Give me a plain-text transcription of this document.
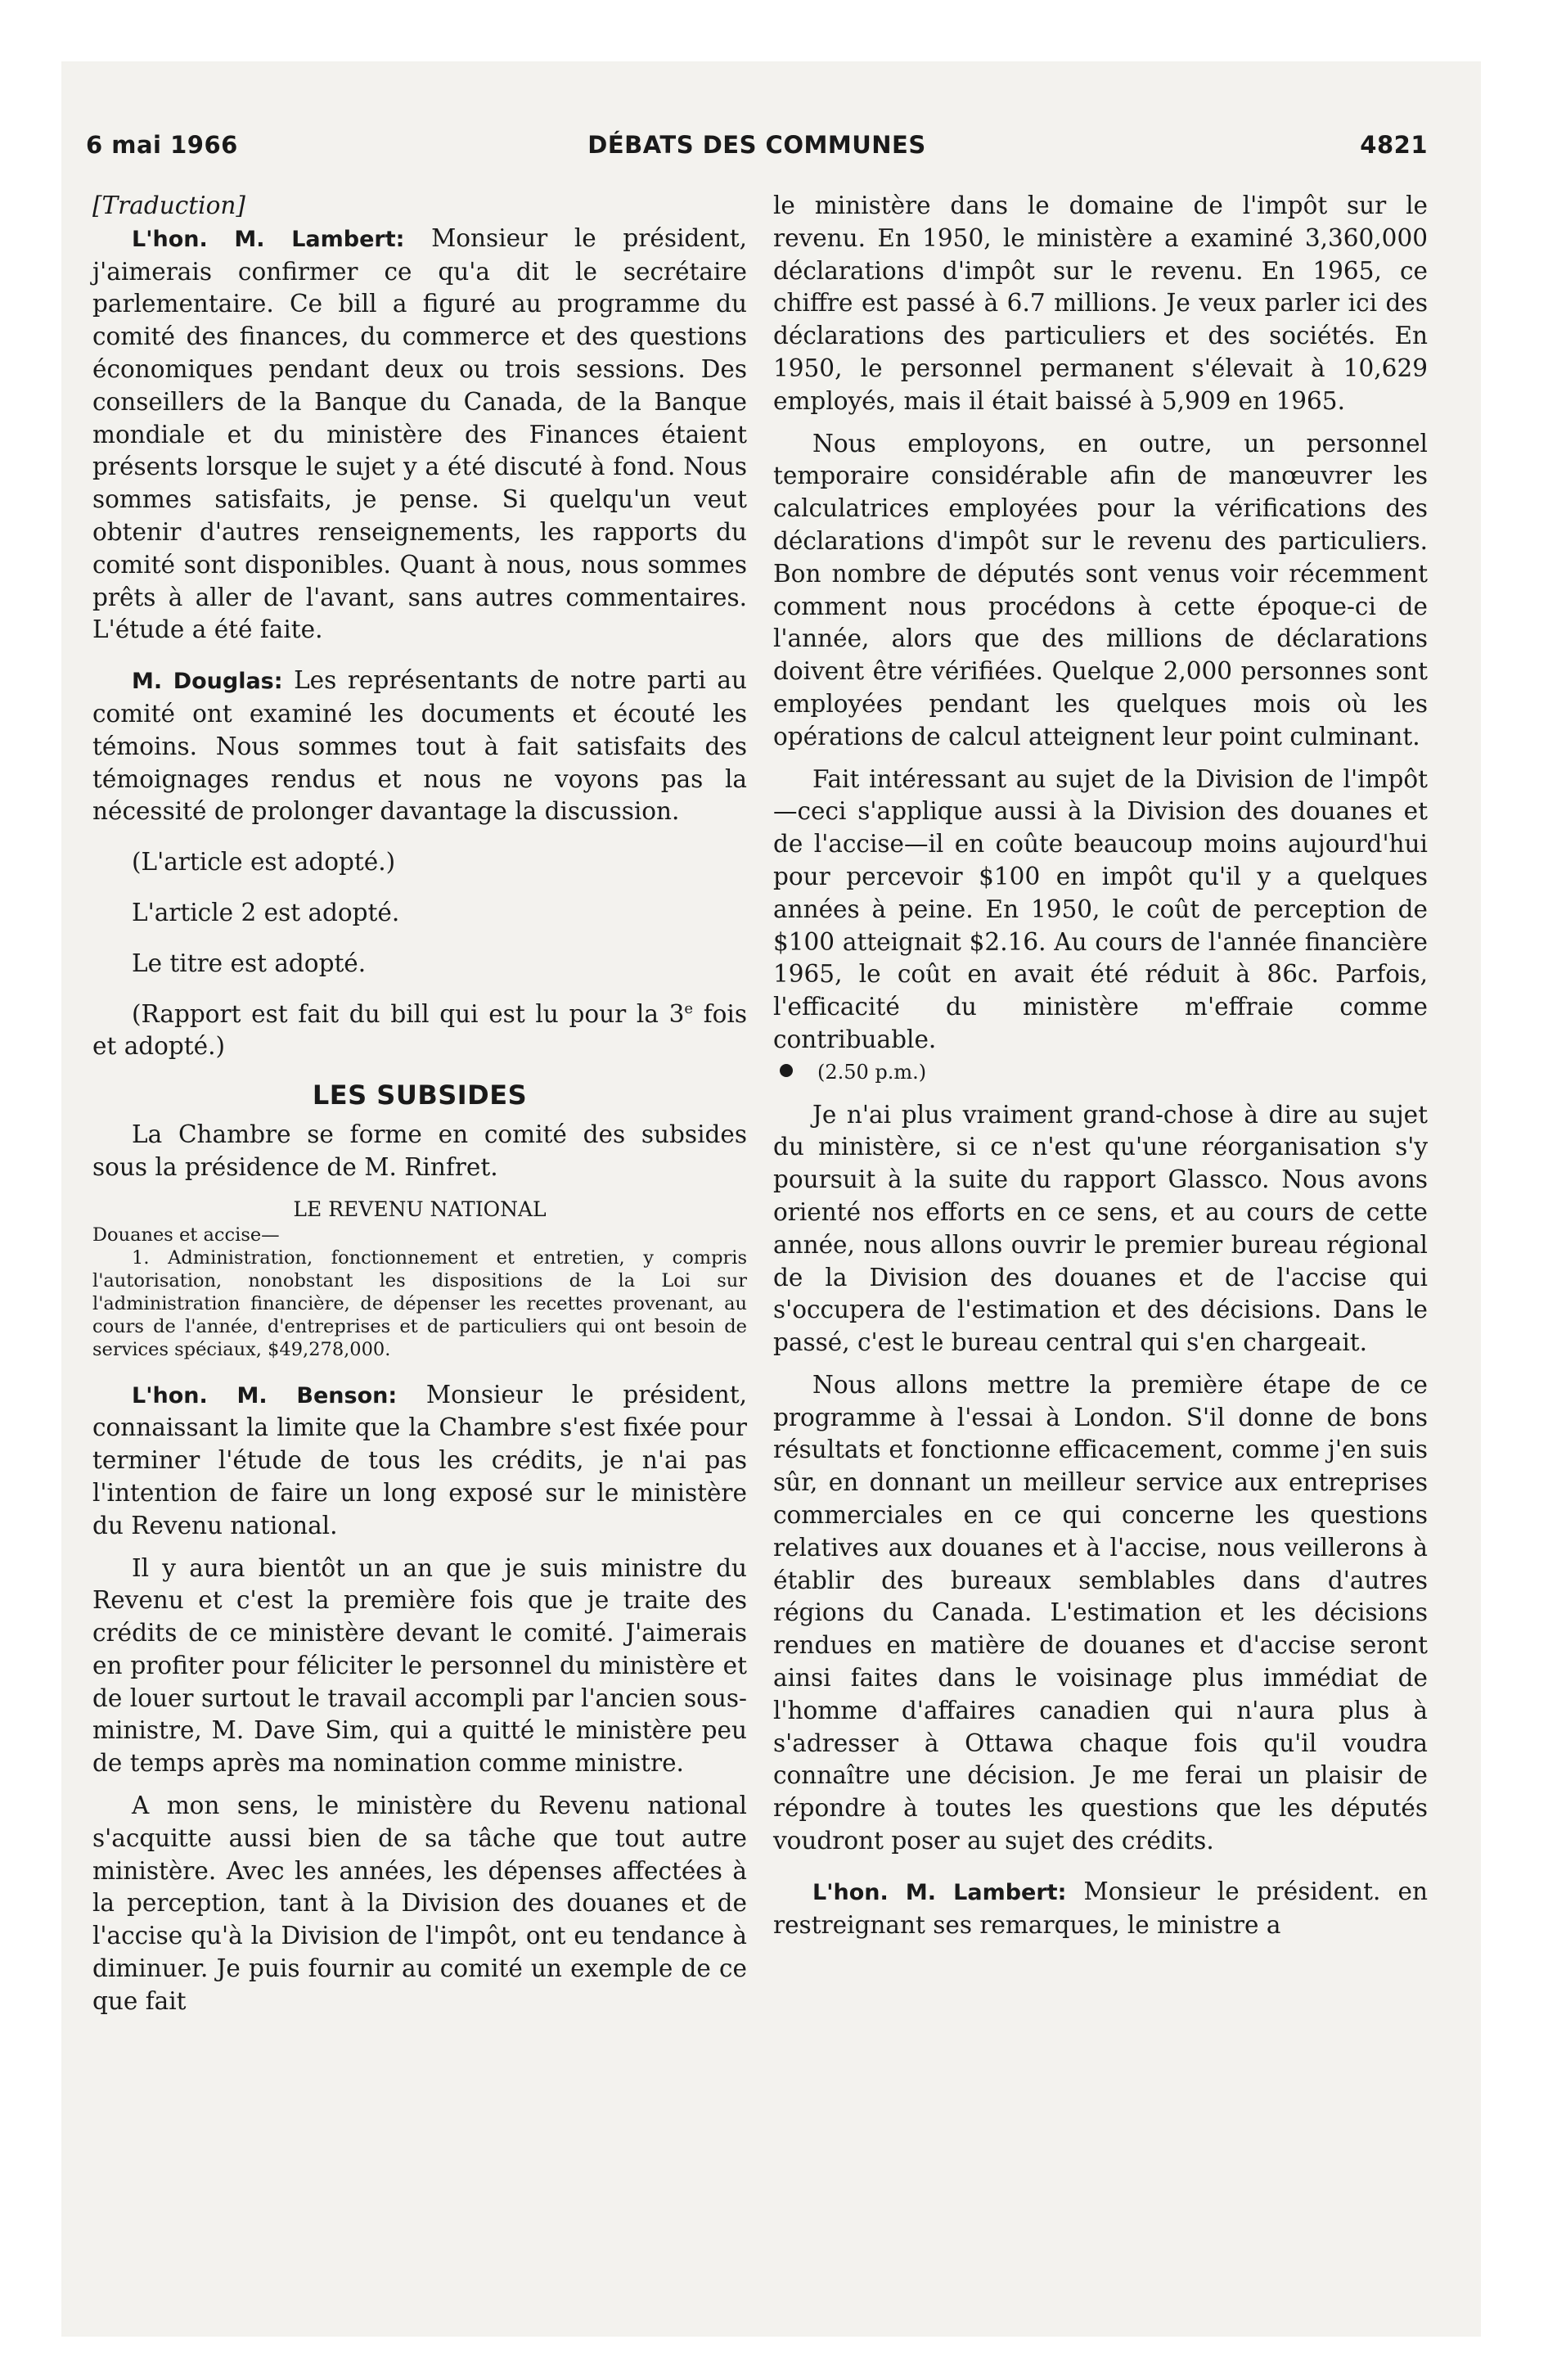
6 mai 1966	DÉBATS DES COMMUNES	4821

[Traduction]

L'hon. M. Lambert: Monsieur le président, j'aimerais confirmer ce qu'a dit le secrétaire parlementaire. Ce bill a figuré au programme du comité des finances, du commerce et des questions économiques pendant deux ou trois sessions. Des conseillers de la Banque du Canada, de la Banque mondiale et du ministère des Finances étaient présents lorsque le sujet y a été discuté à fond. Nous sommes satisfaits, je pense. Si quelqu'un veut obtenir d'autres renseignements, les rapports du comité sont disponibles. Quant à nous, nous sommes prêts à aller de l'avant, sans autres commentaires. L'étude a été faite.

M. Douglas: Les représentants de notre parti au comité ont examiné les documents et écouté les témoins. Nous sommes tout à fait satisfaits des témoignages rendus et nous ne voyons pas la nécessité de prolonger davantage la discussion.

(L'article est adopté.)

L'article 2 est adopté.

Le titre est adopté.

(Rapport est fait du bill qui est lu pour la 3e fois et adopté.)

LES SUBSIDES

La Chambre se forme en comité des subsides sous la présidence de M. Rinfret.

LE REVENU NATIONAL

Douanes et accise—

1. Administration, fonctionnement et entretien, y compris l'autorisation, nonobstant les dispositions de la Loi sur l'administration financière, de dépenser les recettes provenant, au cours de l'année, d'entreprises et de particuliers qui ont besoin de services spéciaux, $49,278,000.

L'hon. M. Benson: Monsieur le président, connaissant la limite que la Chambre s'est fixée pour terminer l'étude de tous les crédits, je n'ai pas l'intention de faire un long exposé sur le ministère du Revenu national.

Il y aura bientôt un an que je suis ministre du Revenu et c'est la première fois que je traite des crédits de ce ministère devant le comité. J'aimerais en profiter pour féliciter le personnel du ministère et de louer surtout le travail accompli par l'ancien sous-ministre, M. Dave Sim, qui a quitté le ministère peu de temps après ma nomination comme ministre.

A mon sens, le ministère du Revenu national s'acquitte aussi bien de sa tâche que tout autre ministère. Avec les années, les dépenses affectées à la perception, tant à la Division des douanes et de l'accise qu'à la Division de l'impôt, ont eu tendance à diminuer. Je puis fournir au comité un exemple de ce que fait

le ministère dans le domaine de l'impôt sur le revenu. En 1950, le ministère a examiné 3,360,000 déclarations d'impôt sur le revenu. En 1965, ce chiffre est passé à 6.7 millions. Je veux parler ici des déclarations des particuliers et des sociétés. En 1950, le personnel permanent s'élevait à 10,629 employés, mais il était baissé à 5,909 en 1965.

Nous employons, en outre, un personnel temporaire considérable afin de manœuvrer les calculatrices employées pour la vérifications des déclarations d'impôt sur le revenu des particuliers. Bon nombre de députés sont venus voir récemment comment nous procédons à cette époque-ci de l'année, alors que des millions de déclarations doivent être vérifiées. Quelque 2,000 personnes sont employées pendant les quelques mois où les opérations de calcul atteignent leur point culminant.

Fait intéressant au sujet de la Division de l'impôt—ceci s'applique aussi à la Division des douanes et de l'accise—il en coûte beaucoup moins aujourd'hui pour percevoir $100 en impôt qu'il y a quelques années à peine. En 1950, le coût de perception de $100 atteignait $2.16. Au cours de l'année financière 1965, le coût en avait été réduit à 86c. Parfois, l'efficacité du ministère m'effraie comme contribuable.

(2.50 p.m.)

Je n'ai plus vraiment grand-chose à dire au sujet du ministère, si ce n'est qu'une réorganisation s'y poursuit à la suite du rapport Glassco. Nous avons orienté nos efforts en ce sens, et au cours de cette année, nous allons ouvrir le premier bureau régional de la Division des douanes et de l'accise qui s'occupera de l'estimation et des décisions. Dans le passé, c'est le bureau central qui s'en chargeait.

Nous allons mettre la première étape de ce programme à l'essai à London. S'il donne de bons résultats et fonctionne efficacement, comme j'en suis sûr, en donnant un meilleur service aux entreprises commerciales en ce qui concerne les questions relatives aux douanes et à l'accise, nous veillerons à établir des bureaux semblables dans d'autres régions du Canada. L'estimation et les décisions rendues en matière de douanes et d'accise seront ainsi faites dans le voisinage plus immédiat de l'homme d'affaires canadien qui n'aura plus à s'adresser à Ottawa chaque fois qu'il voudra connaître une décision. Je me ferai un plaisir de répondre à toutes les questions que les députés voudront poser au sujet des crédits.

L'hon. M. Lambert: Monsieur le président. en restreignant ses remarques, le ministre a
